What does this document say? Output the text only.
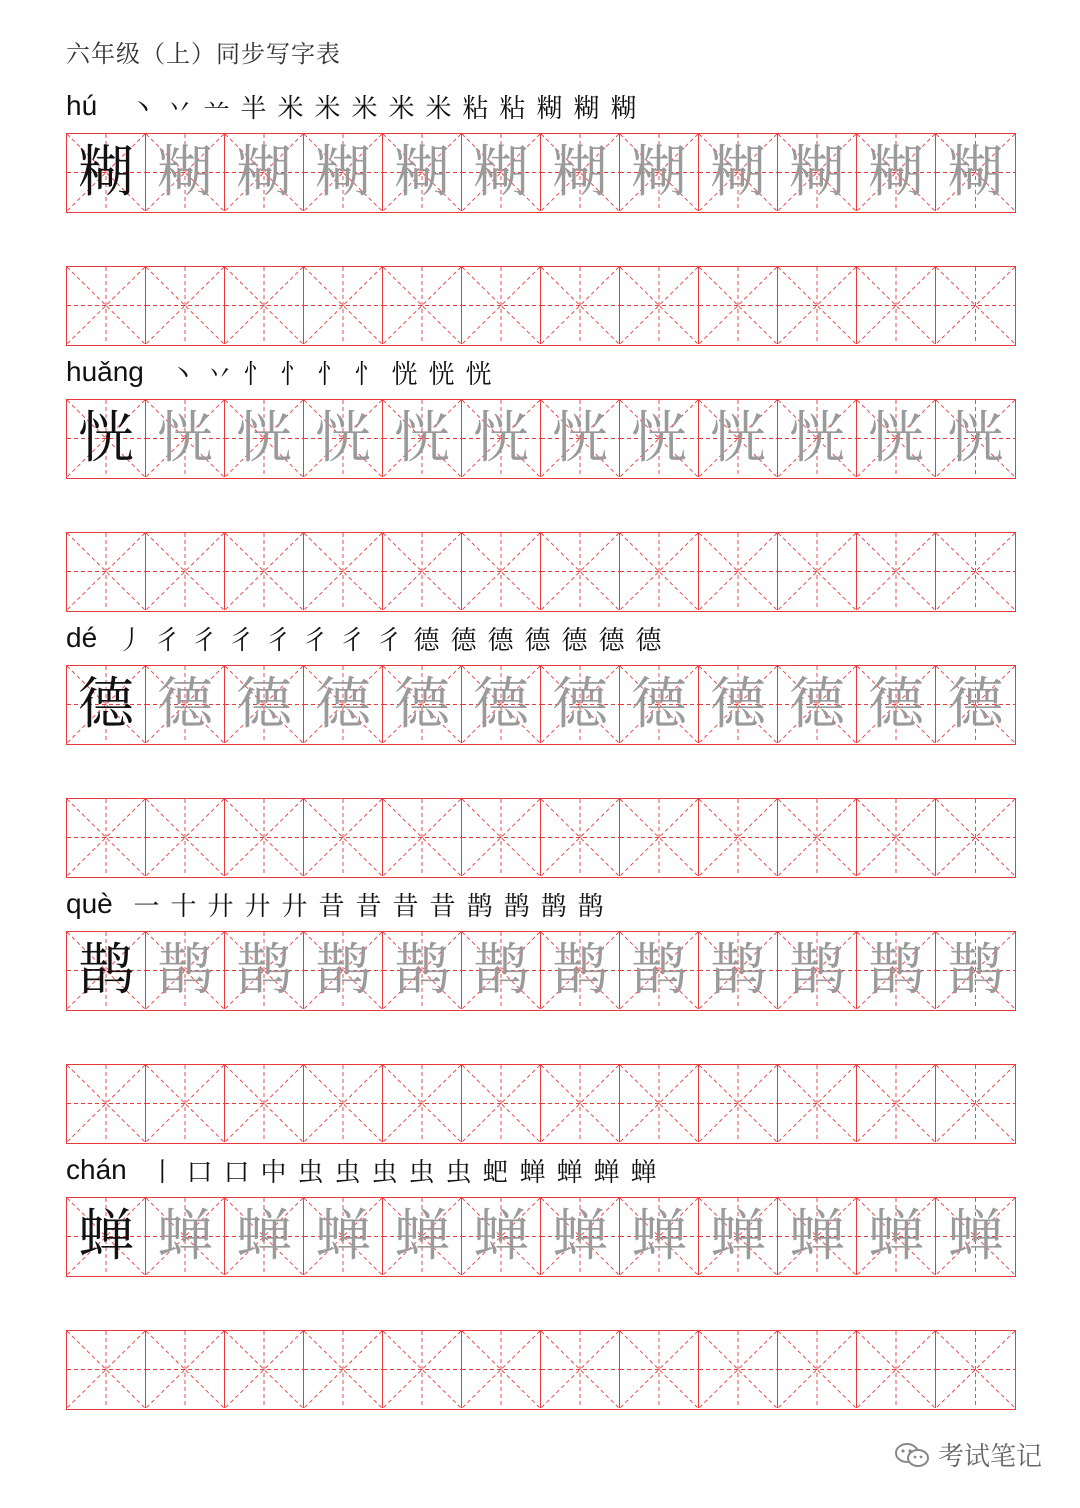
六年级（上）同步写字表
hú 丶 丷 䒑 半 米 米 米 米 米 粘 粘 糊 糊 糊
糊 糊 糊 糊 糊 糊 糊 糊 糊 糊 糊 糊
huǎng 丶 丷 忄 忄 忄 忄 恍 恍 恍
恍 恍 恍 恍 恍 恍 恍 恍 恍 恍 恍 恍
dé 丿 彳 彳 彳 彳 彳 彳 彳 德 德 德 德 德 德 德
德 德 德 德 德 德 德 德 德 德 德 德
què 一 十 廾 廾 廾 昔 昔 昔 昔 鹊 鹊 鹊 鹊
鹊 鹊 鹊 鹊 鹊 鹊 鹊 鹊 鹊 鹊 鹊 鹊
chán 丨 口 口 中 虫 虫 虫 虫 虫 蚆 蝉 蝉 蝉 蝉
蝉 蝉 蝉 蝉 蝉 蝉 蝉 蝉 蝉 蝉 蝉 蝉
考试笔记
